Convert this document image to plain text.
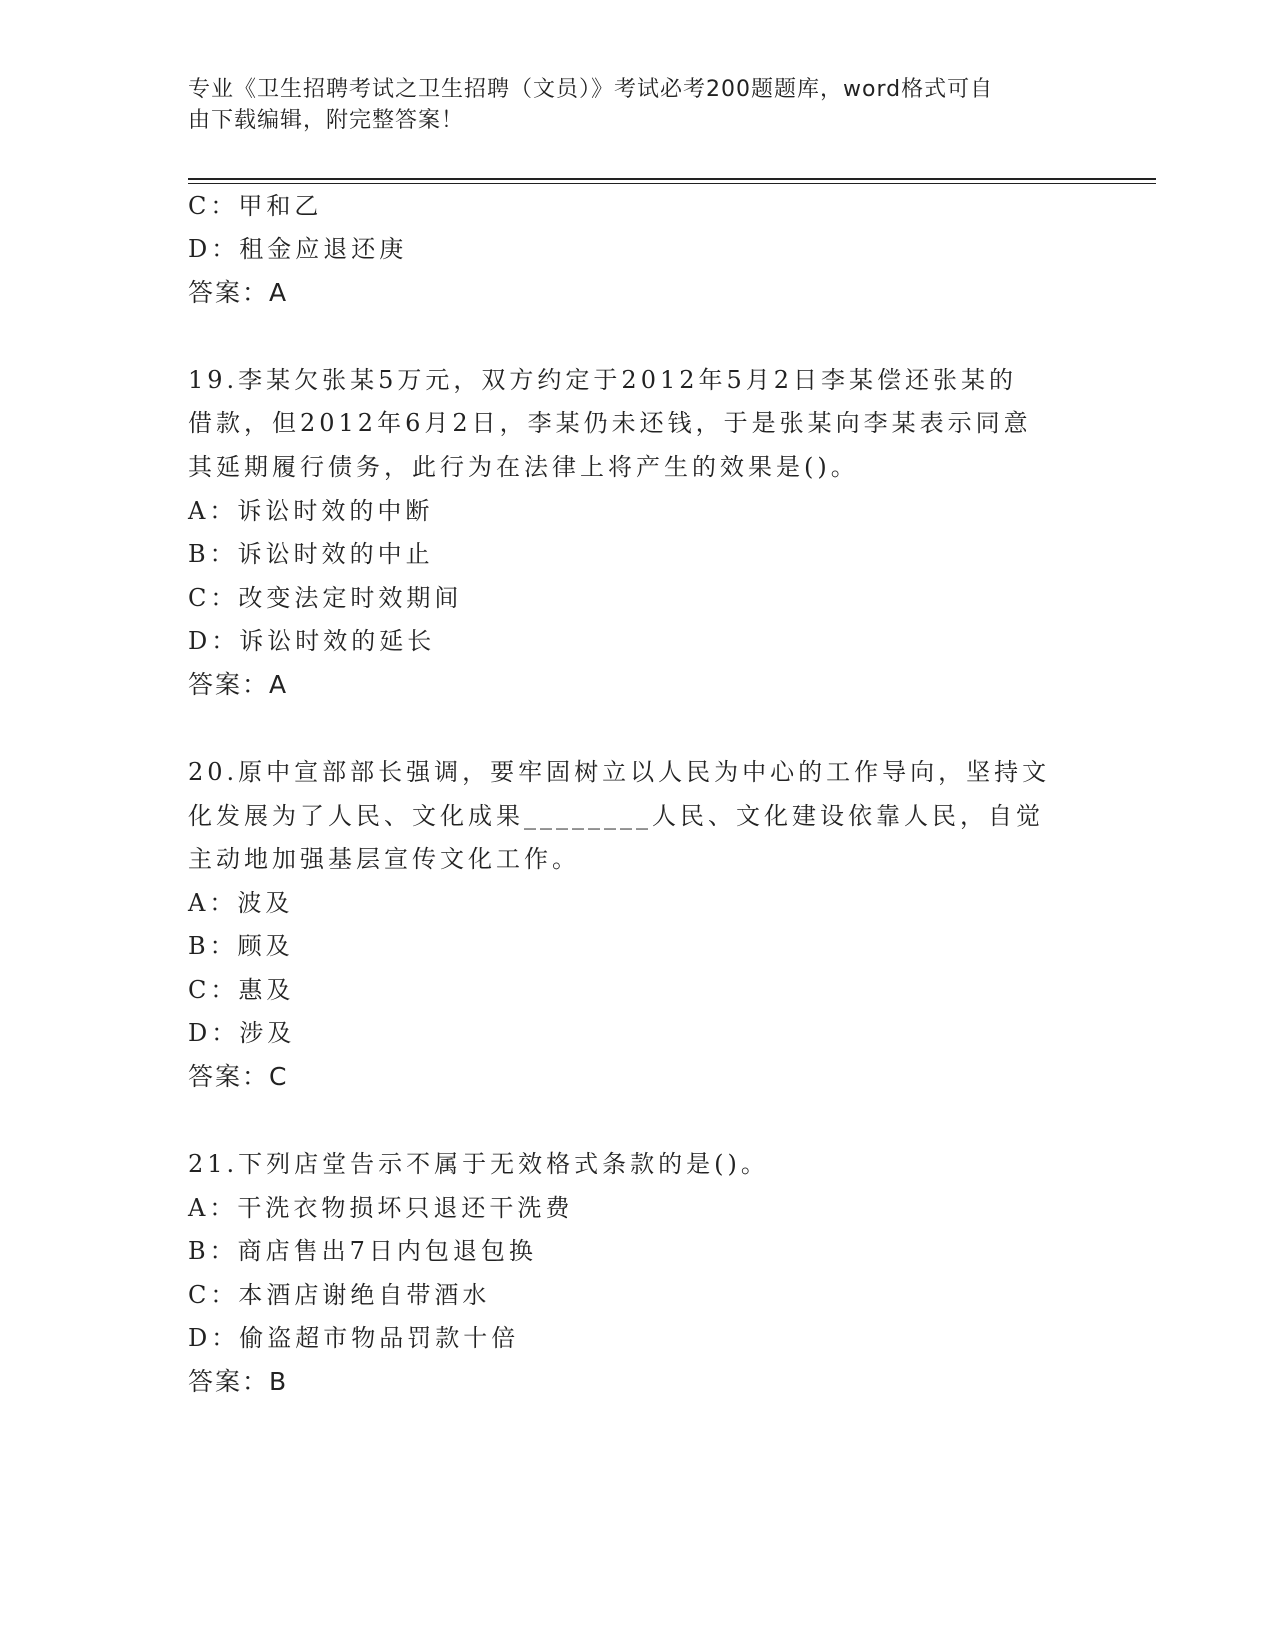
专业《卫生招聘考试之卫生招聘（文员）》考试必考200题题库，word格式可自
由下载编辑，附完整答案！
C：甲和乙
D：租金应退还庚
答案：A
19.李某欠张某5万元，双方约定于2012年5月2日李某偿还张某的
借款，但2012年6月2日，李某仍未还钱，于是张某向李某表示同意
其延期履行债务，此行为在法律上将产生的效果是()。
A：诉讼时效的中断
B：诉讼时效的中止
C：改变法定时效期间
D：诉讼时效的延长
答案：A
20.原中宣部部长强调，要牢固树立以人民为中心的工作导向，坚持文
化发展为了人民、文化成果________人民、文化建设依靠人民，自觉
主动地加强基层宣传文化工作。
A：波及
B：顾及
C：惠及
D：涉及
答案：C
21.下列店堂告示不属于无效格式条款的是()。
A：干洗衣物损坏只退还干洗费
B：商店售出7日内包退包换
C：本酒店谢绝自带酒水
D：偷盗超市物品罚款十倍
答案：B
